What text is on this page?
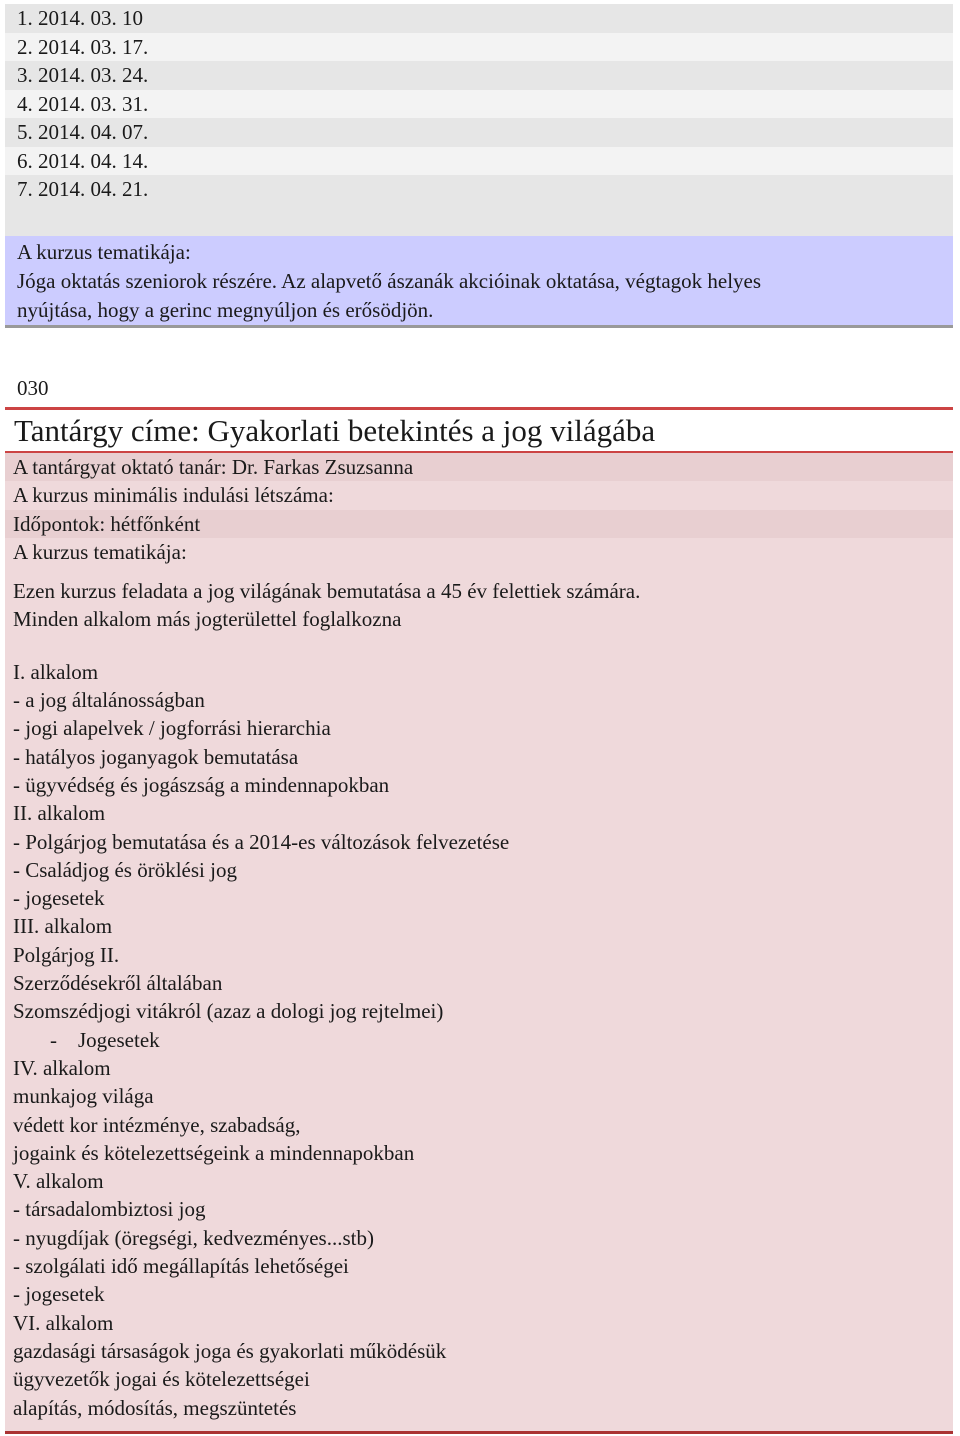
1. 2014. 03. 10
2. 2014. 03. 17.
3. 2014. 03. 24.
4. 2014. 03. 31.
5. 2014. 04. 07.
6. 2014. 04. 14.
7. 2014. 04. 21.
A kurzus tematikája:
Jóga oktatás szeniorok részére. Az alapvető ászanák akcióinak oktatása, végtagok helyes
nyújtása, hogy a gerinc megnyúljon és erősödjön.
030
Tantárgy címe: Gyakorlati betekintés a jog világába
A tantárgyat oktató tanár: Dr. Farkas Zsuzsanna
A kurzus minimális indulási létszáma:
Időpontok: hétfőnként
A kurzus tematikája:
Ezen kurzus feladata a jog világának bemutatása a 45 év felettiek számára.
Minden alkalom más jogterülettel foglalkozna
I. alkalom
- a jog általánosságban
- jogi alapelvek / jogforrási hierarchia
- hatályos joganyagok bemutatása
- ügyvédség és jogászság a mindennapokban
II. alkalom
- Polgárjog bemutatása és a 2014-es változások felvezetése
- Családjog és öröklési jog
- jogesetek
III. alkalom
Polgárjog II.
Szerződésekről általában
Szomszédjogi vitákról (azaz a dologi jog rejtelmei)
-    Jogesetek
IV. alkalom
munkajog világa
védett kor intézménye, szabadság,
jogaink és kötelezettségeink a mindennapokban
V. alkalom
- társadalombiztosi jog
- nyugdíjak (öregségi, kedvezményes...stb)
- szolgálati idő megállapítás lehetőségei
- jogesetek
VI. alkalom
gazdasági társaságok joga és gyakorlati működésük
ügyvezetők jogai és kötelezettségei
alapítás, módosítás, megszüntetés
